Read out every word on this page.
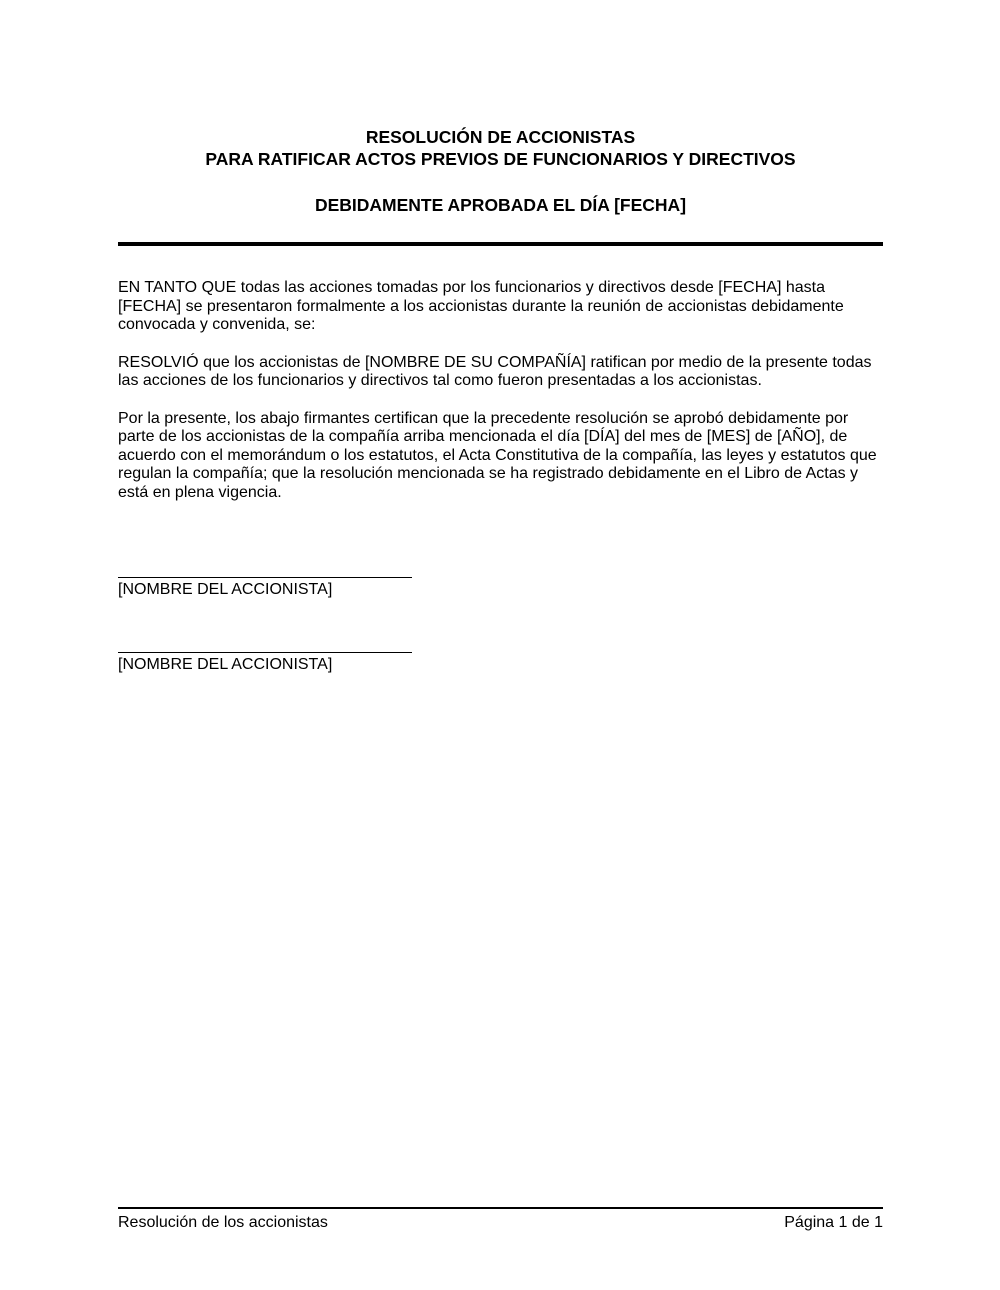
RESOLUCIÓN DE ACCIONISTAS
PARA RATIFICAR ACTOS PREVIOS DE FUNCIONARIOS Y DIRECTIVOS
DEBIDAMENTE APROBADA EL DÍA [FECHA]

EN TANTO QUE todas las acciones tomadas por los funcionarios y directivos desde [FECHA] hasta [FECHA] se presentaron formalmente a los accionistas durante la reunión de accionistas debidamente convocada y convenida, se:

RESOLVIÓ que los accionistas de [NOMBRE DE SU COMPAÑÍA] ratifican por medio de la presente todas las acciones de los funcionarios y directivos tal como fueron presentadas a los accionistas.

Por la presente, los abajo firmantes certifican que la precedente resolución se aprobó debidamente por parte de los accionistas de la compañía arriba mencionada el día [DÍA] del mes de [MES] de [AÑO], de acuerdo con el memorándum o los estatutos, el Acta Constitutiva de la compañía, las leyes y estatutos que regulan la compañía; que la resolución mencionada se ha registrado debidamente en el Libro de Actas y está en plena vigencia.

[NOMBRE DEL ACCIONISTA]
[NOMBRE DEL ACCIONISTA]
Resolución de los accionistas	Página 1 de 1
